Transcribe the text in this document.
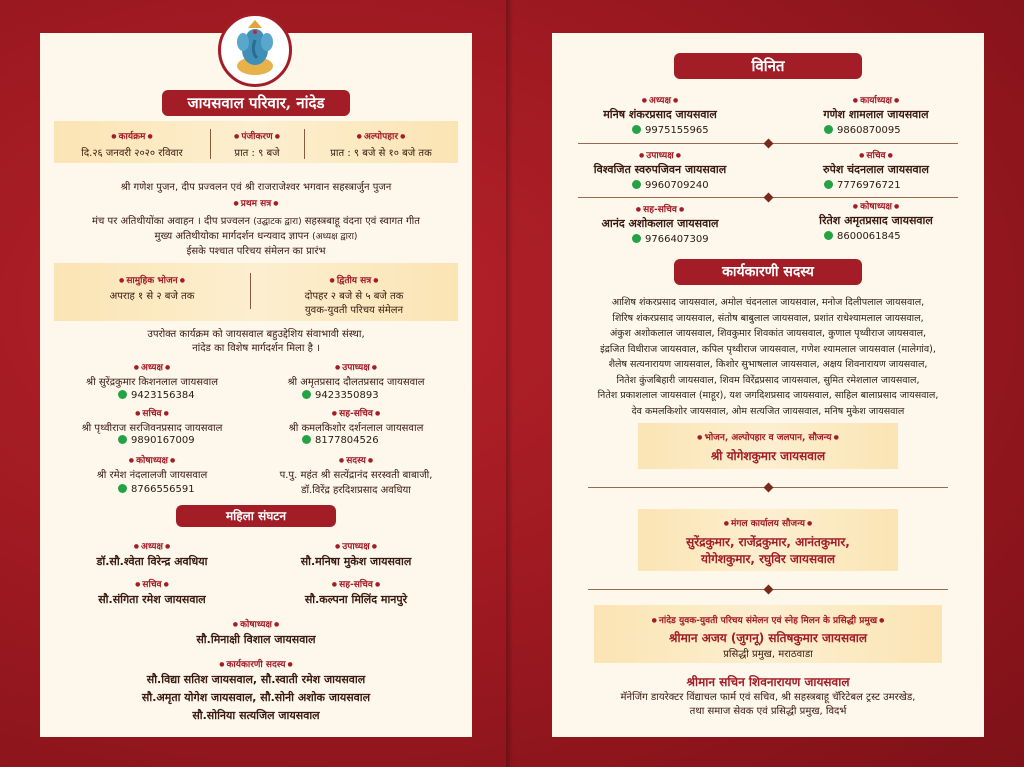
जायसवाल परिवार, नांदेड
● कार्यक्रम ●
दि.२६ जनवरी २०२० रविवार
● पंजीकरण ●
प्रात : ९ बजे
● अल्पोपहार ●
प्रात : ९ बजे से १० बजे तक
श्री गणेश पुजन, दीप प्रज्वलन एवं श्री राजराजेश्वर भगवान सहस्त्रार्जुन पुजन
● प्रथम सत्र ●
मंच पर अतिथीयोंका अवाहन । दीप प्रज्वलन (उद्घाटक द्वारा) सहस्त्रबाहू वंदना एवं स्वागत गीत
मुख्य अतिथीयोका मार्गदर्शन धन्यवाद ज्ञापन (अध्यक्ष द्वारा)
ईसके पश्चात परिचय संमेलन का प्रारंभ
● सामुहिक भोजन ●
अपराह १ से २ बजे तक
● द्वितीय सत्र ●
दोपहर २ बजे से ५ बजे तक
युवक-युवती परिचय संमेलन
उपरोक्त कार्यक्रम को जायसवाल बहुउद्देशिय संवाभावी संस्था,
नांदेड का विशेष मार्गदर्शन मिला है ।
● अध्यक्ष ●
श्री सुरेंद्रकुमार किशनलाल जायसवाल
9423156384
● उपाध्यक्ष ●
श्री अमृतप्रसाद दौलतप्रसाद जायसवाल
9423350893
● सचिव ●
श्री पृथ्वीराज सरजिवनप्रसाद जायसवाल
9890167009
● सह-सचिव ●
श्री कमलकिशोर दर्शनलाल जायसवाल
8177804526
● कोषाध्यक्ष ●
श्री रमेश नंदलालजी जायसवाल
8766556591
● सदस्य ●
प.पु. महंत श्री सत्येंद्रानंद सरस्वती बाबाजी,
डॉ.विरेंद्र हरदिशप्रसाद अवधिया
महिला संघटन
● अध्यक्ष ●
डॉ.सौ.श्वेता विरेन्द्र अवधिया
● उपाध्यक्ष ●
सौ.मनिषा मुकेश जायसवाल
● सचिव ●
सौ.संगिता रमेश जायसवाल
● सह-सचिव ●
सौ.कल्पना मिलिंद मानपुरे
● कोषाध्यक्ष ●
सौ.मिनाक्षी विशाल जायसवाल
● कार्यकारणी सदस्य ●
सौ.विद्या सतिश जायसवाल, सौ.स्वाती रमेश जायसवाल
सौ.अमृता योगेश जायसवाल, सौ.सोनी अशोक जायसवाल
सौ.सोनिया सत्यजिल जायसवाल
विनित
● अध्यक्ष ●
मनिष शंकरप्रसाद जायसवाल
9975155965
● कार्याध्यक्ष ●
गणेश शामलाल जायसवाल
9860870095
● उपाध्यक्ष ●
विश्वजित स्वरुपजिवन जायसवाल
9960709240
● सचिव ●
रुपेश चंदनलाल जायसवाल
7776976721
● सह-सचिव ●
आनंद अशोकलाल जायसवाल
9766407309
● कोषाध्यक्ष ●
रितेश अमृतप्रसाद जायसवाल
8600061845
कार्यकारणी सदस्य
आशिष शंकरप्रसाद जायसवाल, अमोल चंदनलाल जायसवाल, मनोज दिलीपलाल जायसवाल,
शिरिष शंकरप्रसाद जायसवाल, संतोष बाबुलाल जायसवाल, प्रशांत राधेश्यामलाल जायसवाल,
अंकुश अशोकलाल जायसवाल, शिवकुमार शिवकांत जायसवाल, कुणाल पृथ्वीराज जायसवाल,
इंद्रजित विधीराज जायसवाल, कपिल पृथ्वीराज जायसवाल, गणेश श्यामलाल जायसवाल (मालेगांव),
शैलेष सत्यनारायण जायसवाल, किशोर सुभाषलाल जायसवाल, अक्षय शिवनारायण जायसवाल,
नितेश कुंजबिहारी जायसवाल, शिवम विरेंद्रप्रसाद जायसवाल, सुमित रमेशलाल जायसवाल,
नितेश प्रकाशलाल जायसवाल (माहूर), यश जगदिशप्रसाद जायसवाल, साहिल बालाप्रसाद जायसवाल,
देव कमलकिशोर जायसवाल, ओम सत्यजित जायसवाल, मनिष मुकेश जायसवाल
● भोजन, अल्पोपहार व जलपान, सौजन्य ●
श्री योगेशकुमार जायसवाल
● मंगल कार्यालय सौजन्य ●
सुरेंद्रकुमार, राजेंद्रकुमार, आनंतकुमार,
योगेशकुमार, रघुविर जायसवाल
● नांदेड युवक-युवती परिचय संमेलन एवं स्नेह मिलन के प्रसिद्धी प्रमुख ●
श्रीमान अजय (जुगनू) सतिषकुमार जायसवाल
प्रसिद्धी प्रमुख, मराठवाडा
श्रीमान सचिन शिवनारायण जायसवाल
मॅनेजिंग डायरेक्टर विंद्याचल फार्म एवं सचिव, श्री सहस्त्रबाहू चॅरिटेबल ट्रस्ट उमरखेड,
तथा समाज सेवक एवं प्रसिद्धी प्रमुख, विदर्भ
